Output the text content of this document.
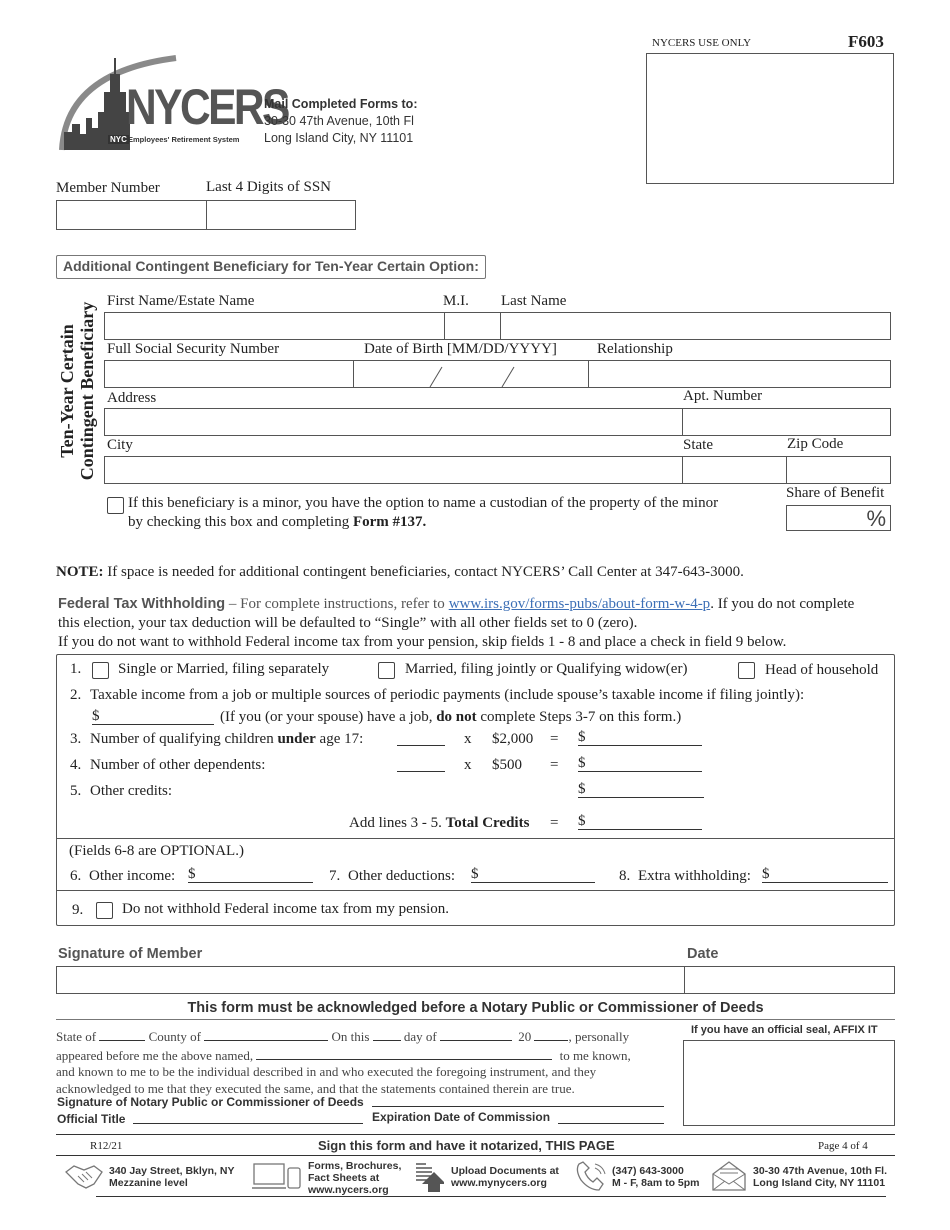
NYCERS
NYC Employees' Retirement System
Mail Completed Forms to:
30-30 47th Avenue, 10th Fl
Long Island City, NY 11101
NYCERS USE ONLY	F603
Member Number	Last 4 Digits of SSN
Additional Contingent Beneficiary for Ten-Year Certain Option:
Ten-Year Certain Contingent Beneficiary
First Name/Estate Name	M.I. Last Name
Full Social Security Number	Date of Birth [MM/DD/YYYY]	Relationship
Address	Apt. Number
City	State	Zip Code
If this beneficiary is a minor, you have the option to name a custodian of the property of the minor
by checking this box and completing Form #137.
Share of Benefit
%
NOTE: If space is needed for additional contingent beneficiaries, contact NYCERS’ Call Center at 347-643-3000.
Federal Tax Withholding – For complete instructions, refer to www.irs.gov/forms-pubs/about-form-w-4-p. If you do not complete
this election, your tax deduction will be defaulted to “Single” with all other fields set to 0 (zero).
If you do not want to withhold Federal income tax from your pension, skip fields 1 - 8 and place a check in field 9 below.
1. Single or Married, filing separately	Married, filing jointly or Qualifying widow(er)	Head of household
2. Taxable income from a job or multiple sources of periodic payments (include spouse’s taxable income if filing jointly):
$	(If you (or your spouse) have a job, do not complete Steps 3-7 on this form.)
3. Number of qualifying children under age 17:	x $2,000 = $
4. Number of other dependents:	x $500 = $
5. Other credits:	$
Add lines 3 - 5. Total Credits = $
(Fields 6-8 are OPTIONAL.)
6. Other income: $	7. Other deductions: $	8. Extra withholding: $
9.	Do not withhold Federal income tax from my pension.
Signature of Member	Date
This form must be acknowledged before a Notary Public or Commissioner of Deeds
State of	County of	On this	day of	20	, personally
appeared before me the above named,	to me known,
and known to me to be the individual described in and who executed the foregoing instrument, and they
acknowledged to me that they executed the same, and that the statements contained therein are true.
Signature of Notary Public or Commissioner of Deeds
Official Title	Expiration Date of Commission
If you have an official seal, AFFIX IT
R12/21	Sign this form and have it notarized, THIS PAGE	Page 4 of 4
340 Jay Street, Bklyn, NY
Mezzanine level
Forms, Brochures,
Fact Sheets at
www.nycers.org
Upload Documents at
www.mynycers.org
(347) 643-3000
M - F, 8am to 5pm
30-30 47th Avenue, 10th Fl.
Long Island City, NY 11101
